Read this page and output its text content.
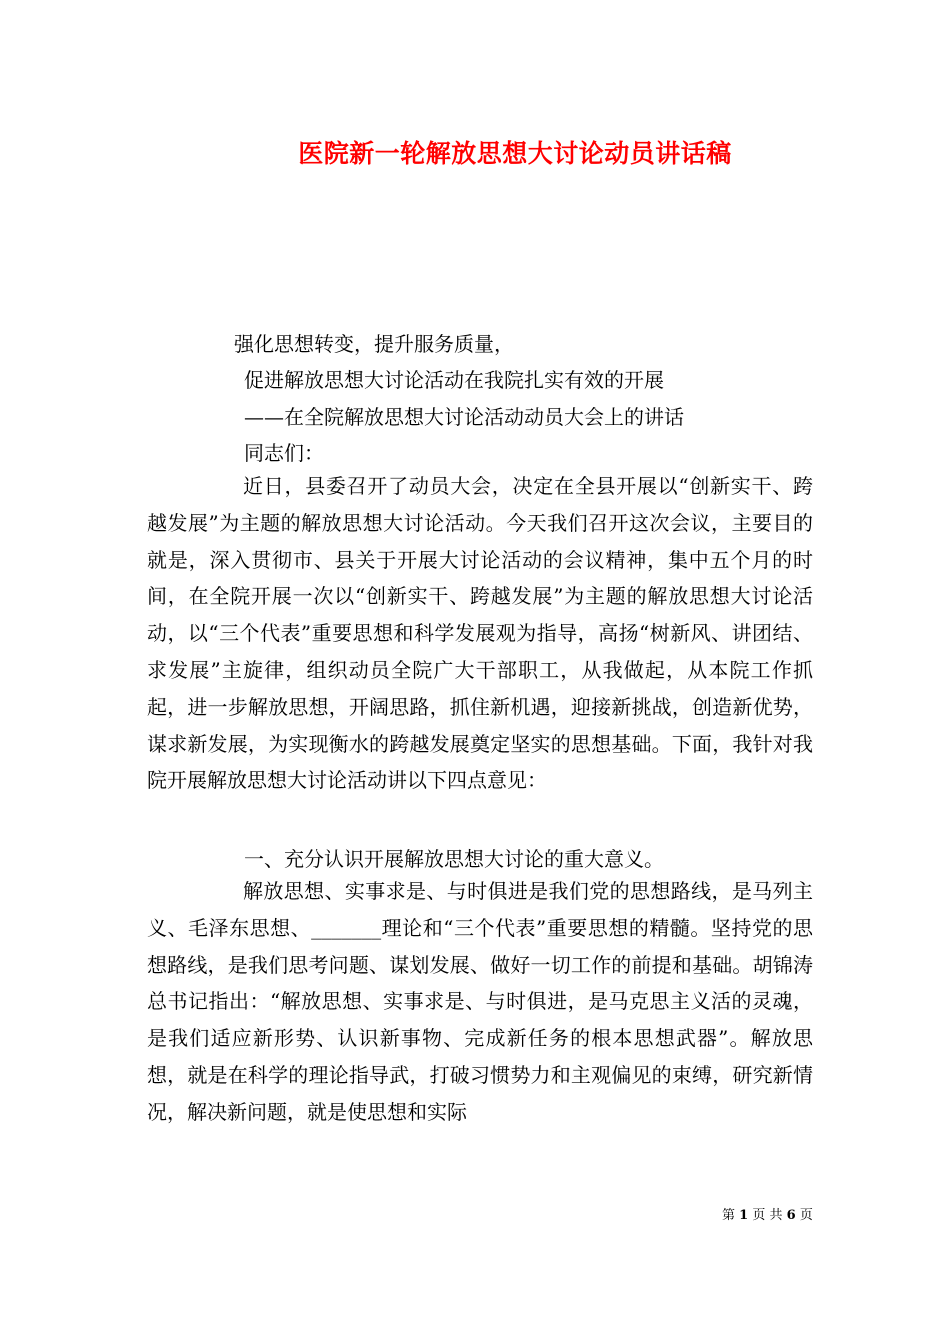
医院新一轮解放思想大讨论动员讲话稿
强化思想转变，提升服务质量，
促进解放思想大讨论活动在我院扎实有效的开展
——在全院解放思想大讨论活动动员大会上的讲话
同志们：

近日，县委召开了动员大会，决定在全县开展以“创新实干、跨越发展”为主题的解放思想大讨论活动。今天我们召开这次会议，主要目的就是，深入贯彻市、县关于开展大讨论活动的会议精神，集中五个月的时间，在全院开展一次以“创新实干、跨越发展”为主题的解放思想大讨论活动，以“三个代表”重要思想和科学发展观为指导，高扬“树新风、讲团结、求发展”主旋律，组织动员全院广大干部职工，从我做起，从本院工作抓起，进一步解放思想，开阔思路，抓住新机遇，迎接新挑战，创造新优势，谋求新发展，为实现衡水的跨越发展奠定坚实的思想基础。下面，我针对我院开展解放思想大讨论活动讲以下四点意见：

一、充分认识开展解放思想大讨论的重大意义。

解放思想、实事求是、与时俱进是我们党的思想路线，是马列主义、毛泽东思想、_______理论和“三个代表”重要思想的精髓。坚持党的思想路线，是我们思考问题、谋划发展、做好一切工作的前提和基础。胡锦涛总书记指出：“解放思想、实事求是、与时俱进，是马克思主义活的灵魂，是我们适应新形势、认识新事物、完成新任务的根本思想武器”。解放思想，就是在科学的理论指导武，打破习惯势力和主观偏见的束缚，研究新情况，解决新问题，就是使思想和实际

第 1 页 共 6 页
